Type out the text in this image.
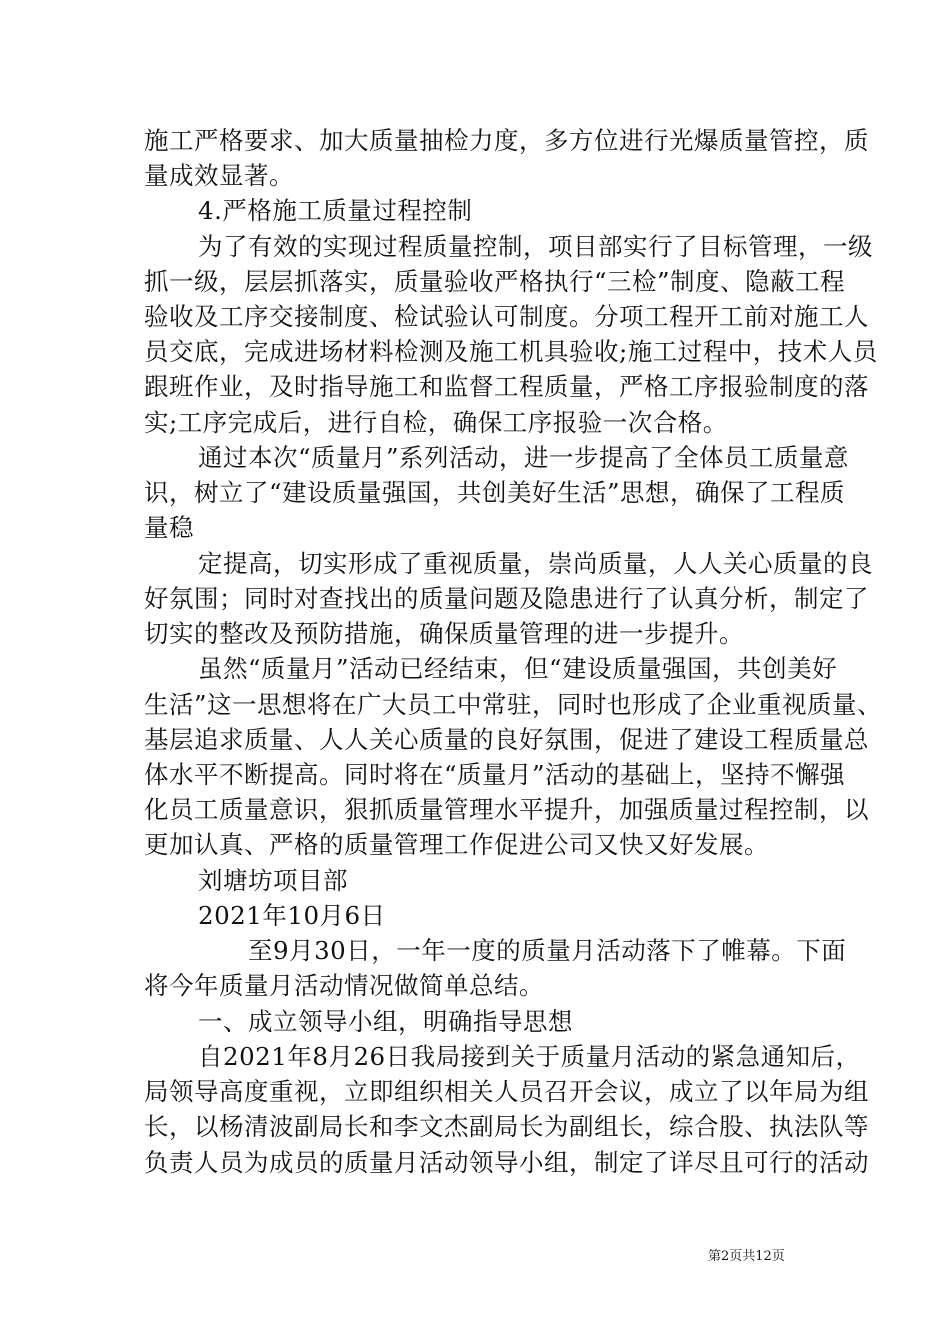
施工严格要求、加大质量抽检力度，多方位进行光爆质量管控，质
量成效显著。
4.严格施工质量过程控制
为了有效的实现过程质量控制，项目部实行了目标管理，一级
抓一级，层层抓落实，质量验收严格执行“三检”制度、隐蔽工程
验收及工序交接制度、检试验认可制度。分项工程开工前对施工人
员交底，完成进场材料检测及施工机具验收;施工过程中，技术人员
跟班作业，及时指导施工和监督工程质量，严格工序报验制度的落
实;工序完成后，进行自检，确保工序报验一次合格。
通过本次“质量月”系列活动，进一步提高了全体员工质量意
识，树立了“建设质量强国，共创美好生活”思想，确保了工程质
量稳
定提高，切实形成了重视质量，崇尚质量，人人关心质量的良
好氛围；同时对查找出的质量问题及隐患进行了认真分析，制定了
切实的整改及预防措施，确保质量管理的进一步提升。
虽然“质量月”活动已经结束，但“建设质量强国，共创美好
生活”这一思想将在广大员工中常驻，同时也形成了企业重视质量、
基层追求质量、人人关心质量的良好氛围，促进了建设工程质量总
体水平不断提高。同时将在“质量月”活动的基础上，坚持不懈强
化员工质量意识，狠抓质量管理水平提升，加强质量过程控制，以
更加认真、严格的质量管理工作促进公司又快又好发展。
刘塘坊项目部
2021年10月6日
至9月30日，一年一度的质量月活动落下了帷幕。下面
将今年质量月活动情况做简单总结。
一、成立领导小组，明确指导思想
自2021年8月26日我局接到关于质量月活动的紧急通知后，
局领导高度重视，立即组织相关人员召开会议，成立了以年局为组
长，以杨清波副局长和李文杰副局长为副组长，综合股、执法队等
负责人员为成员的质量月活动领导小组，制定了详尽且可行的活动
第2页共12页
